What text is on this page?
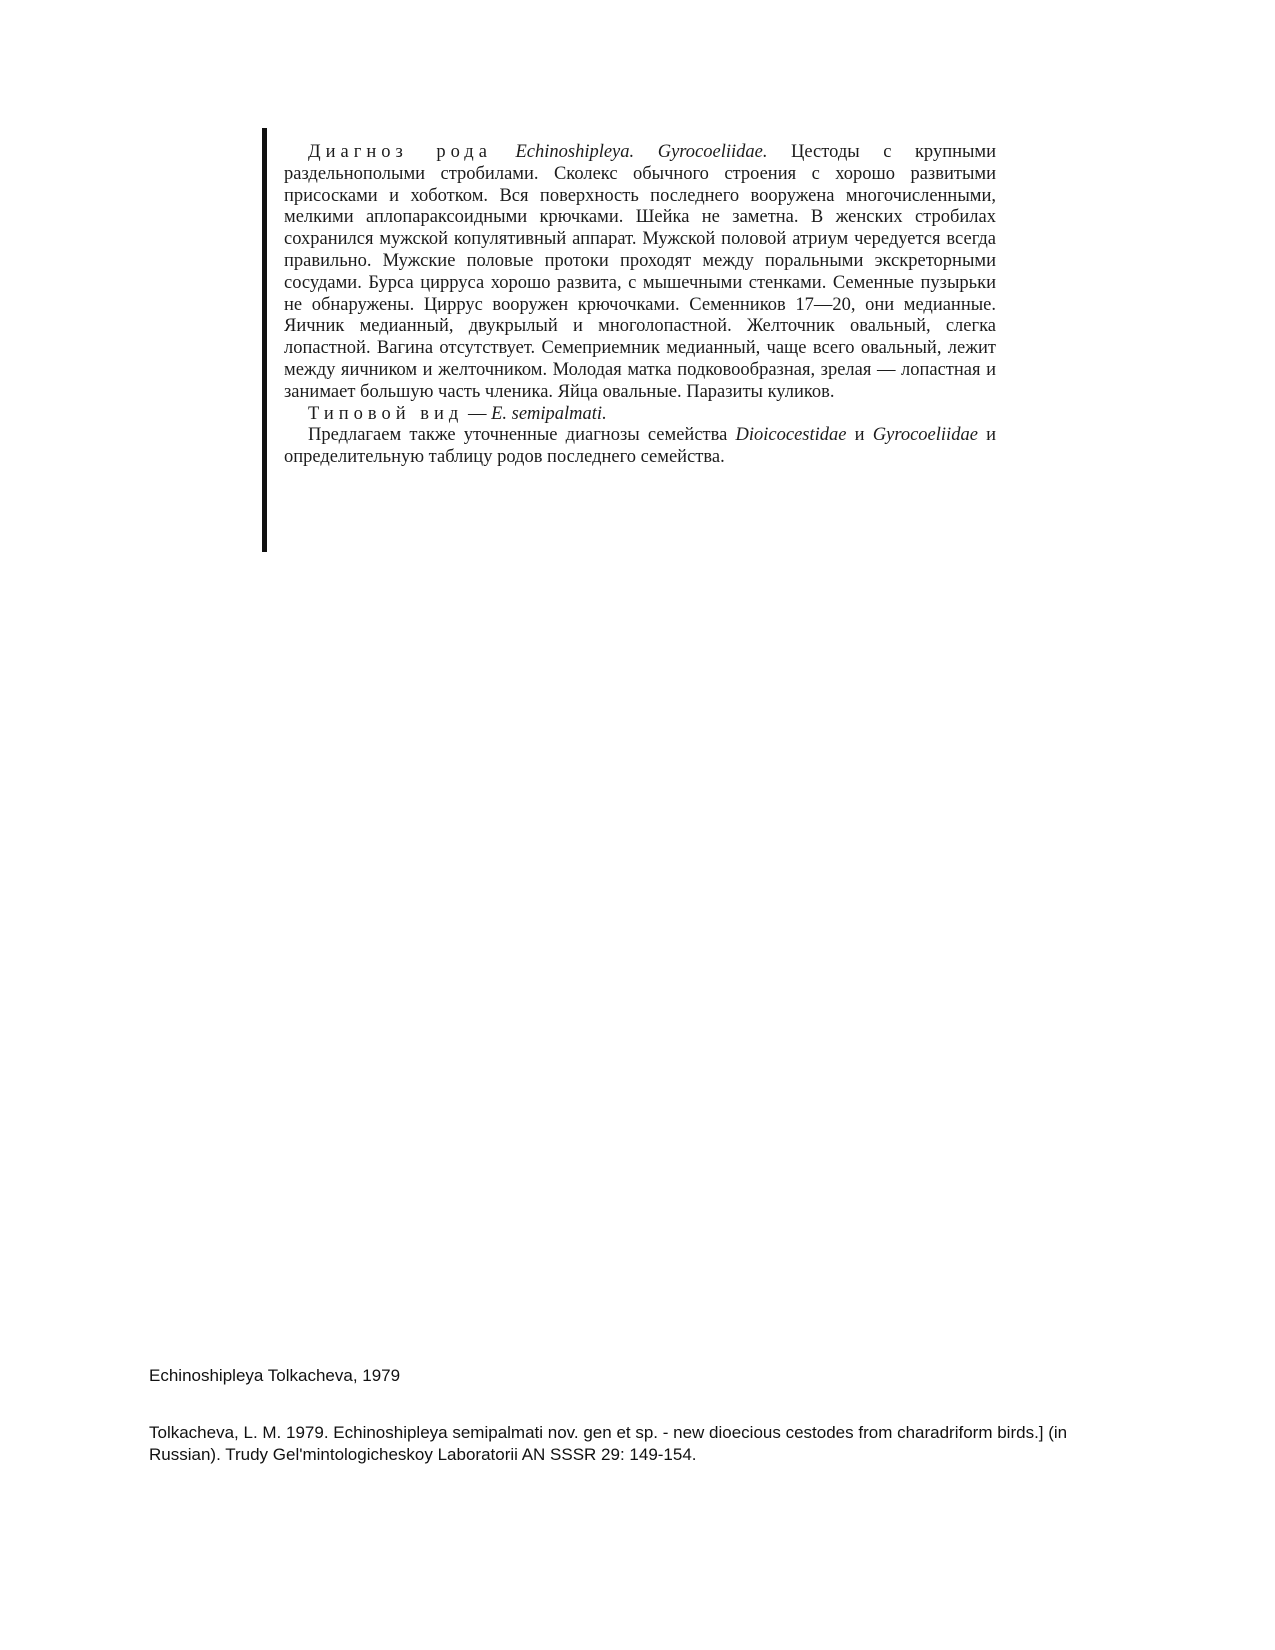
Диагноз рода Echinoshipleya. Gyrocoeliidae. Цестоды с крупными раздельнополыми стробилами. Сколекс обычного строения с хорошо развитыми присосками и хоботком. Вся поверхность последнего вооружена многочисленными, мелкими аплопараксоидными крючками. Шейка не заметна. В женских стробилах сохранился мужской копулятивный аппарат. Мужской половой атриум чередуется всегда правильно. Мужские половые протоки проходят между поральными экскреторными сосудами. Бурса цирруса хорошо развита, с мышечными стенками. Семенные пузырьки не обнаружены. Циррус вооружен крючочками. Семенников 17—20, они медианные. Яичник медианный, двукрылый и многолопастной. Желточник овальный, слегка лопастной. Вагина отсутствует. Семеприемник медианный, чаще всего овальный, лежит между яичником и желточником. Молодая матка подковообразная, зрелая — лопастная и занимает большую часть членика. Яйца овальные. Паразиты куликов.

Типовой вид — E. semipalmati.

Предлагаем также уточненные диагнозы семейства Dioicocestidae и Gyrocoeliidae и определительную таблицу родов последнего семейства.

Echinoshipleya Tolkacheva, 1979
Tolkacheva, L. M. 1979. Echinoshipleya semipalmati nov. gen et sp. - new dioecious cestodes from charadriform birds.] (in Russian). Trudy Gel'mintologicheskoy Laboratorii AN SSSR 29: 149-154.
